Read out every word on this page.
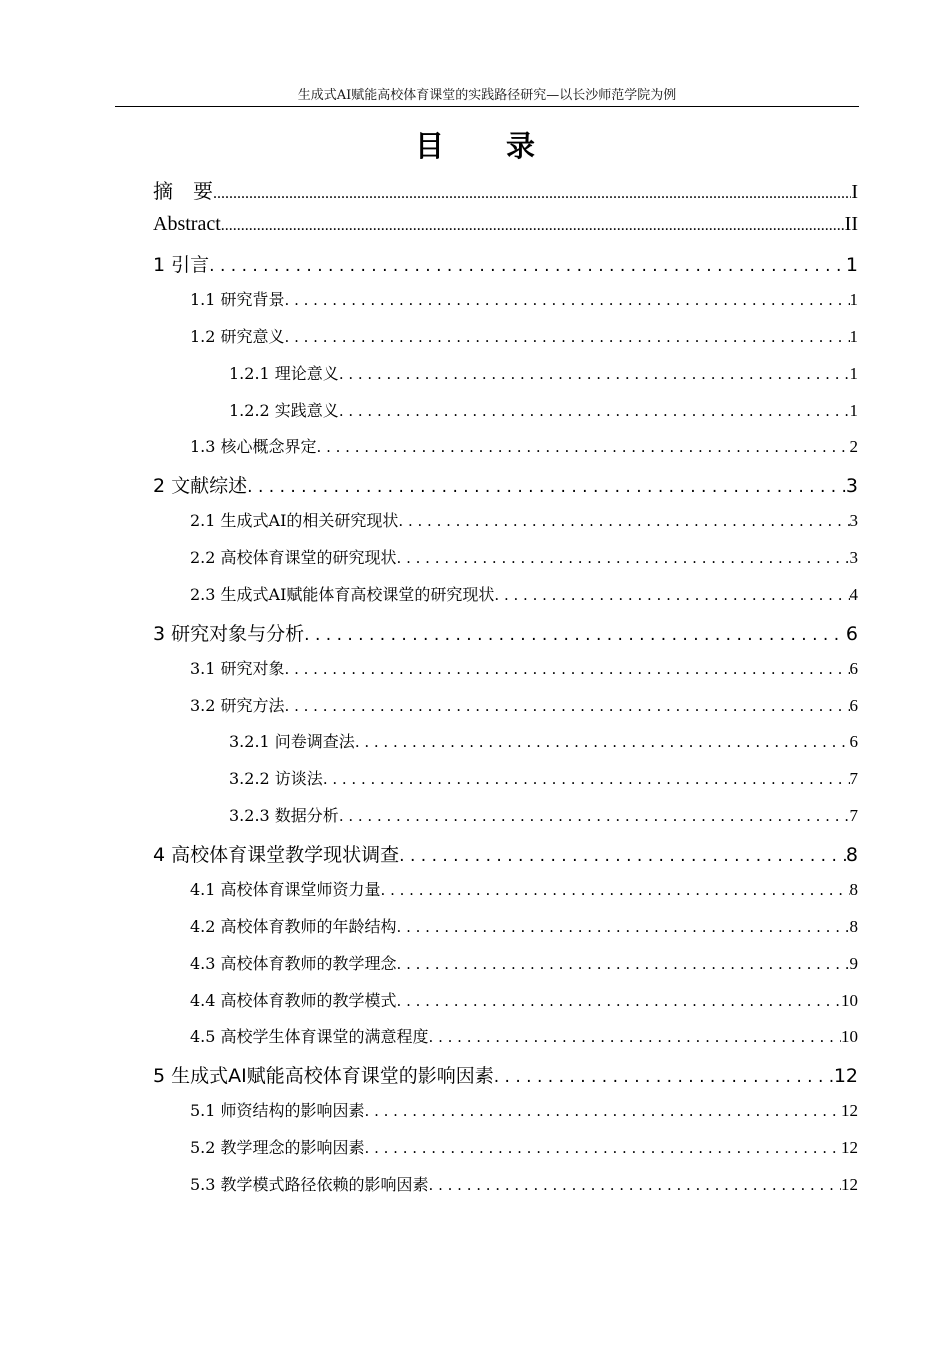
生成式AI赋能高校体育课堂的实践路径研究—以长沙师范学院为例
目 录
摘　要 .....	I
Abstract .....	II
1 引言 . . .	1
1.1 研究背景 . . .	1
1.2 研究意义 . . .	1
1.2.1 理论意义 . . .	1
1.2.2 实践意义 . . .	1
1.3 核心概念界定 . . .	2
2 文献综述 . . .	3
2.1 生成式AI的相关研究现状 . . .	3
2.2 高校体育课堂的研究现状 . . .	3
2.3 生成式AI赋能体育高校课堂的研究现状 . . .	4
3 研究对象与分析 . . .	6
3.1 研究对象 . . .	6
3.2 研究方法 . . .	6
3.2.1 问卷调查法 . . .	6
3.2.2 访谈法 . . .	7
3.2.3 数据分析 . . .	7
4 高校体育课堂教学现状调查 . . .	8
4.1 高校体育课堂师资力量 . . .	8
4.2 高校体育教师的年龄结构 . . .	8
4.3 高校体育教师的教学理念 . . .	9
4.4 高校体育教师的教学模式 . . .	10
4.5 高校学生体育课堂的满意程度 . . .	10
5 生成式AI赋能高校体育课堂的影响因素 . . .	12
5.1 师资结构的影响因素 . . .	12
5.2 教学理念的影响因素 . . .	12
5.3 教学模式路径依赖的影响因素 . . .	12
